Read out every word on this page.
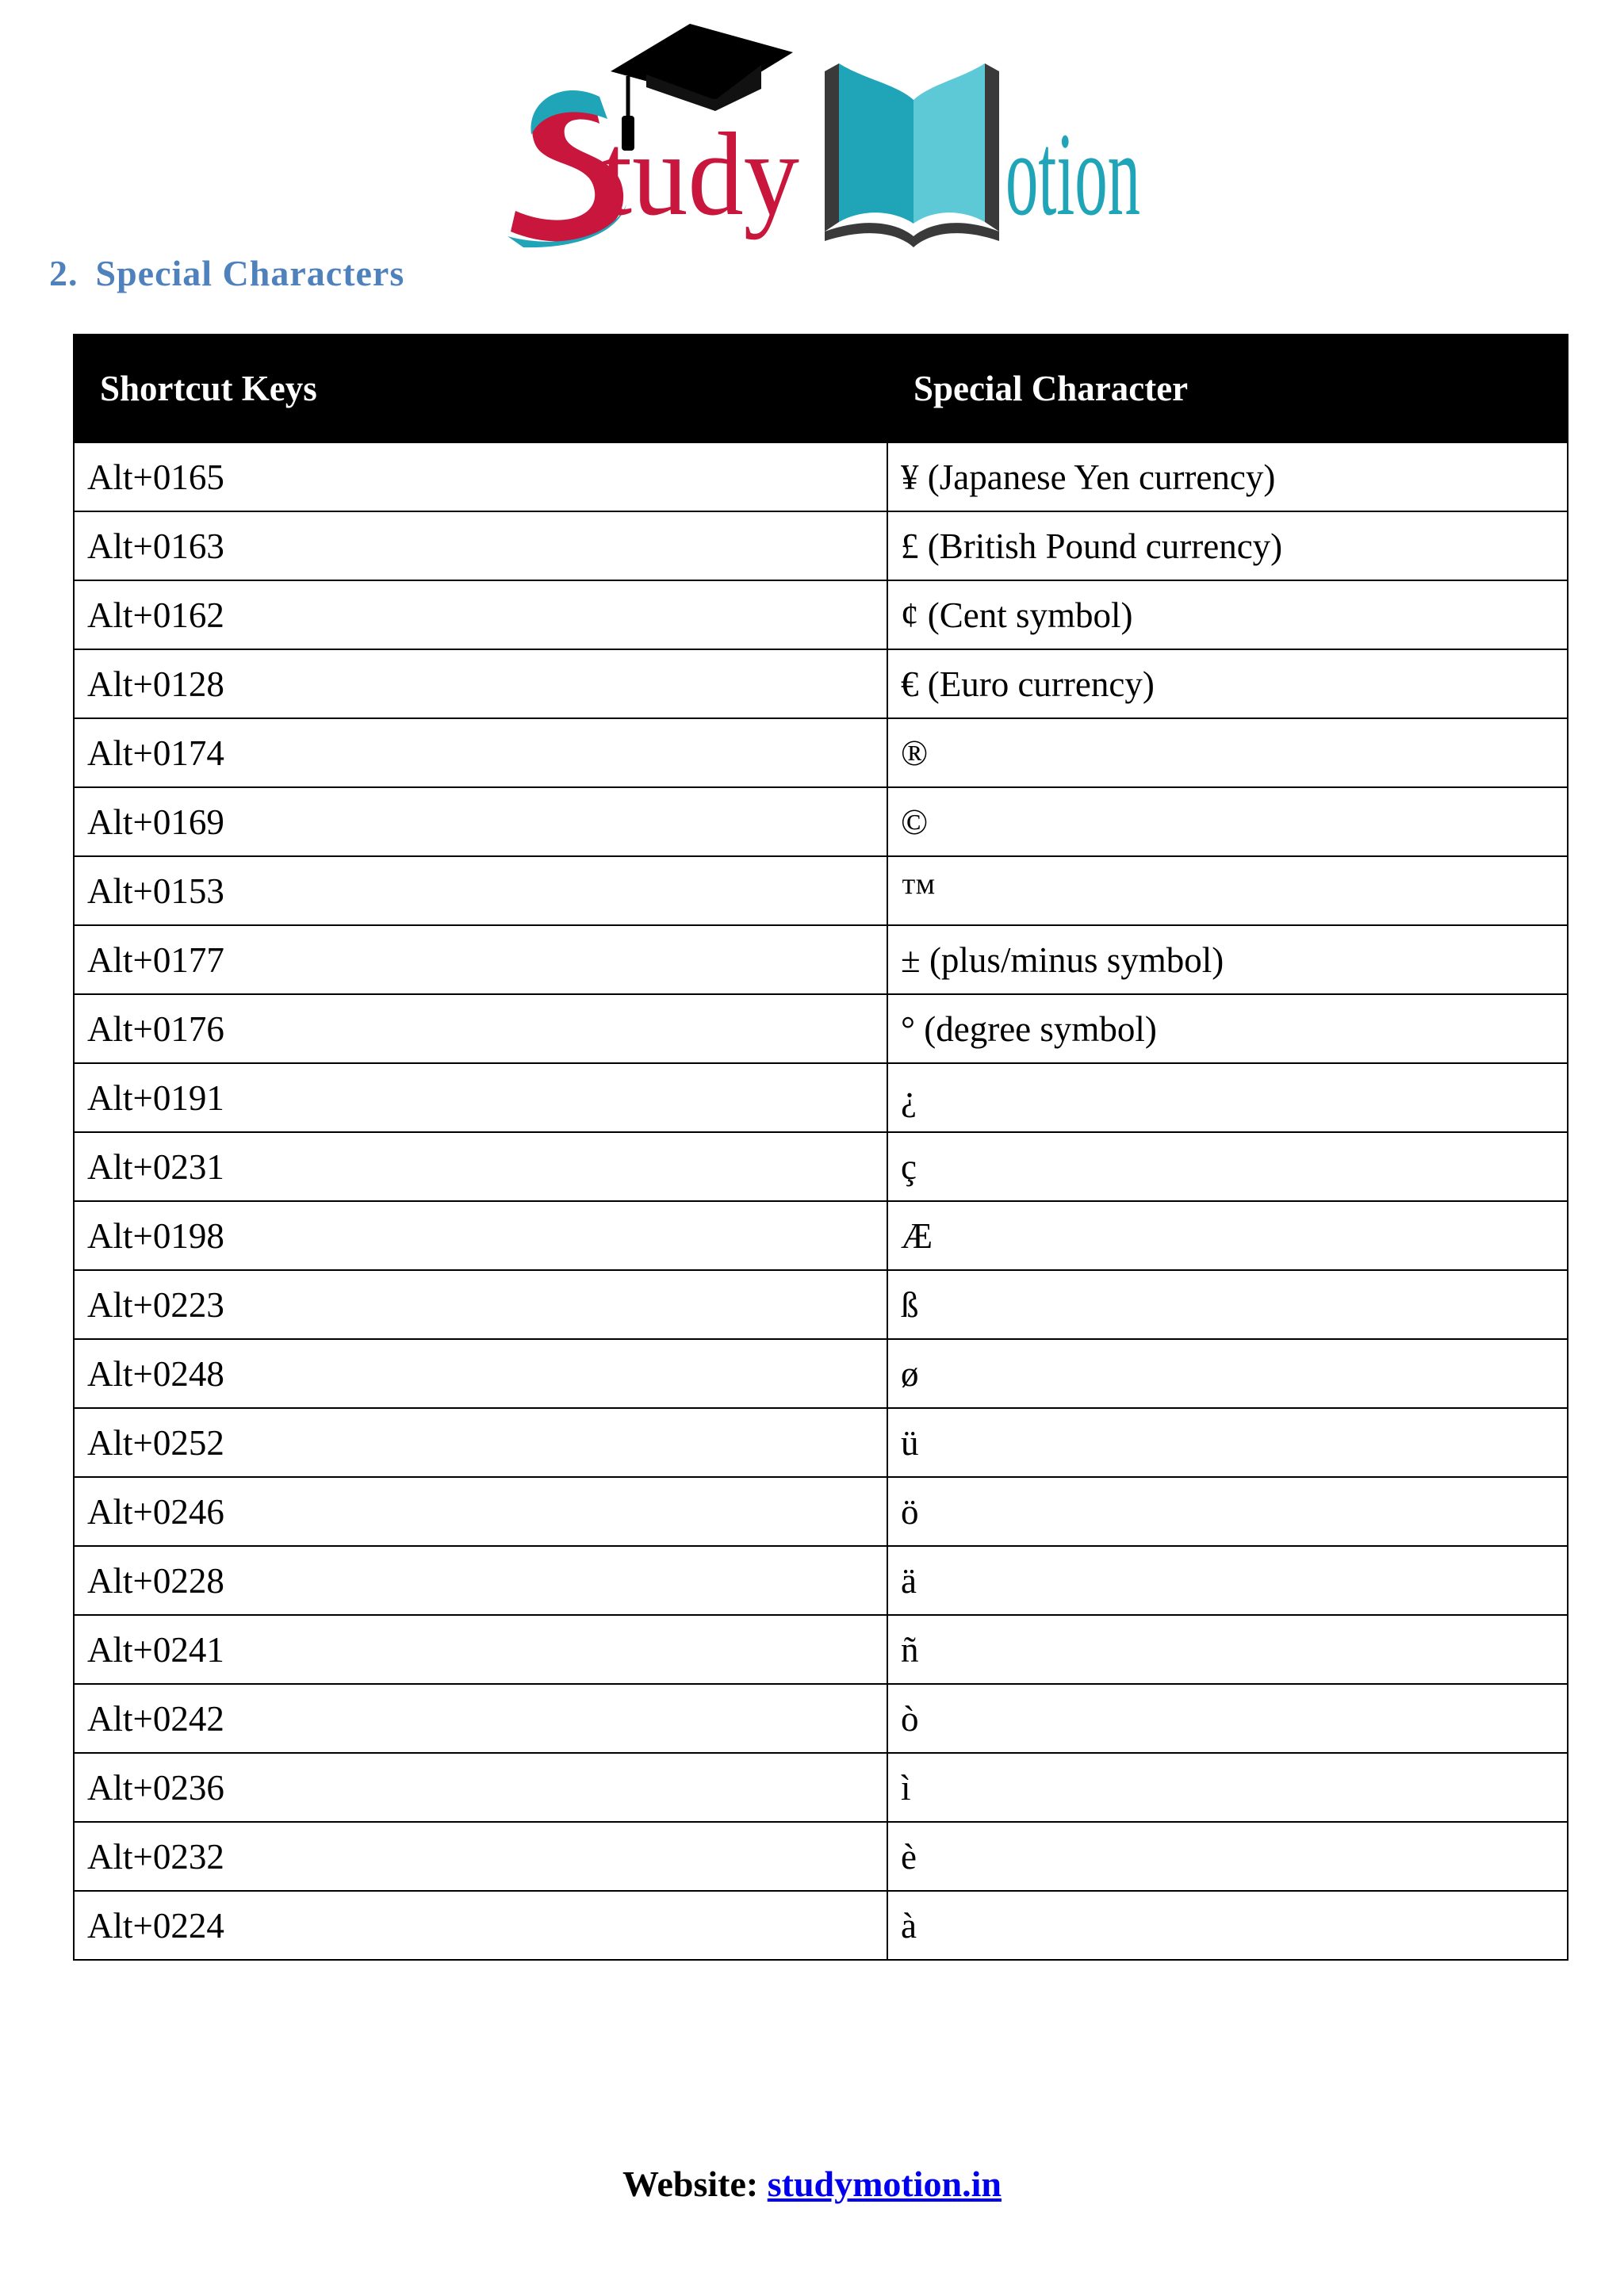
tudy otion
2. Special Characters
Shortcut Keys	Special Character
Alt+0165	¥ (Japanese Yen currency)
Alt+0163	£ (British Pound currency)
Alt+0162	¢ (Cent symbol)
Alt+0128	€ (Euro currency)
Alt+0174	®
Alt+0169	©
Alt+0153	™
Alt+0177	± (plus/minus symbol)
Alt+0176	° (degree symbol)
Alt+0191	¿
Alt+0231	ç
Alt+0198	Æ
Alt+0223	ß
Alt+0248	ø
Alt+0252	ü
Alt+0246	ö
Alt+0228	ä
Alt+0241	ñ
Alt+0242	ò
Alt+0236	ì
Alt+0232	è
Alt+0224	à
Website: studymotion.in
